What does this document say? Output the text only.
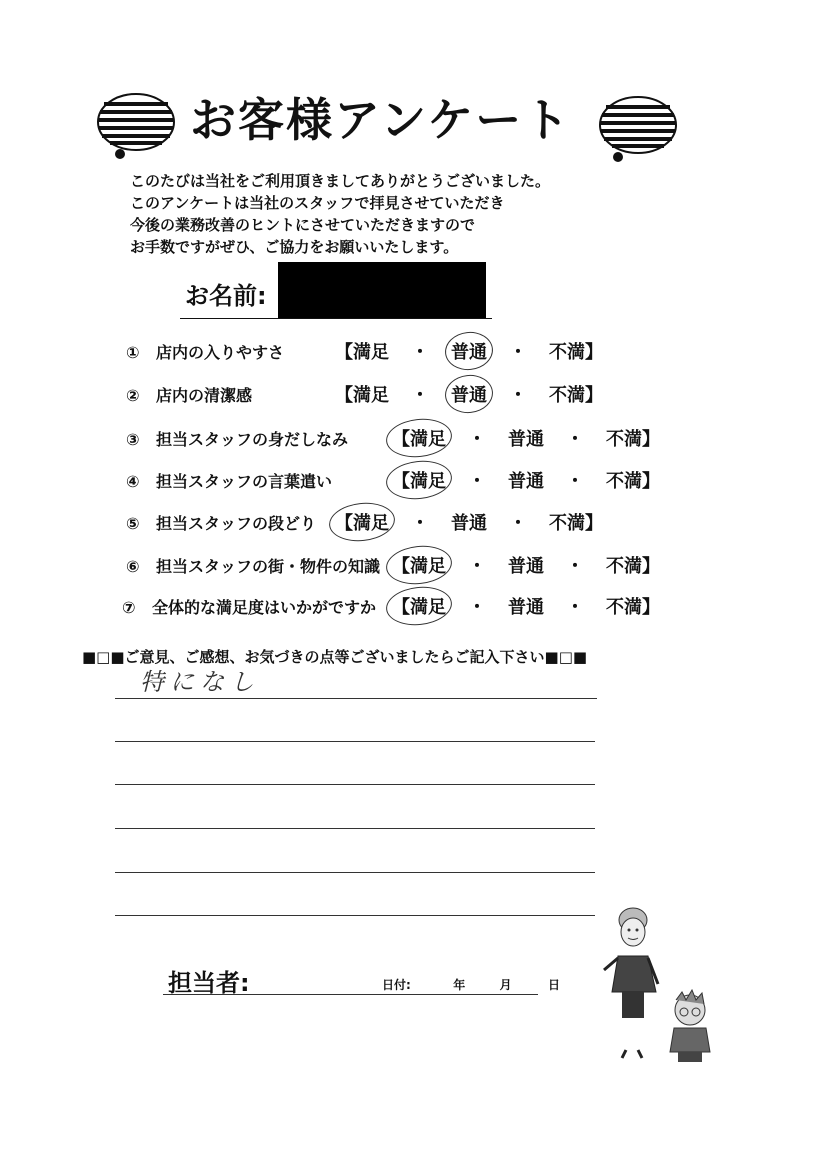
お客様アンケート
このたびは当社をご利用頂きましてありがとうございました。
このアンケートは当社のスタッフで拝見させていただき
今後の業務改善のヒントにさせていただきますので
お手数ですがぜひ、ご協力をお願いいたします。
お名前:
① 店内の入りやすさ	【満足 ・ 普通 ・ 不満】
② 店内の清潔感	【満足 ・ 普通 ・ 不満】
③ 担当スタッフの身だしなみ 【満足 ・ 普通 ・ 不満】
④ 担当スタッフの言葉遣い	【満足 ・ 普通 ・ 不満】
⑤ 担当スタッフの段どり 【満足 ・ 普通 ・ 不満】
⑥ 担当スタッフの街・物件の知識 【満足 ・ 普通 ・ 不満】
⑦ 全体的な満足度はいかがですか 【満足 ・ 普通 ・ 不満】
■□■ご意見、ご感想、お気づきの点等ございましたらご記入下さい■□■
特になし
担当者:	日付:	年	月	日
